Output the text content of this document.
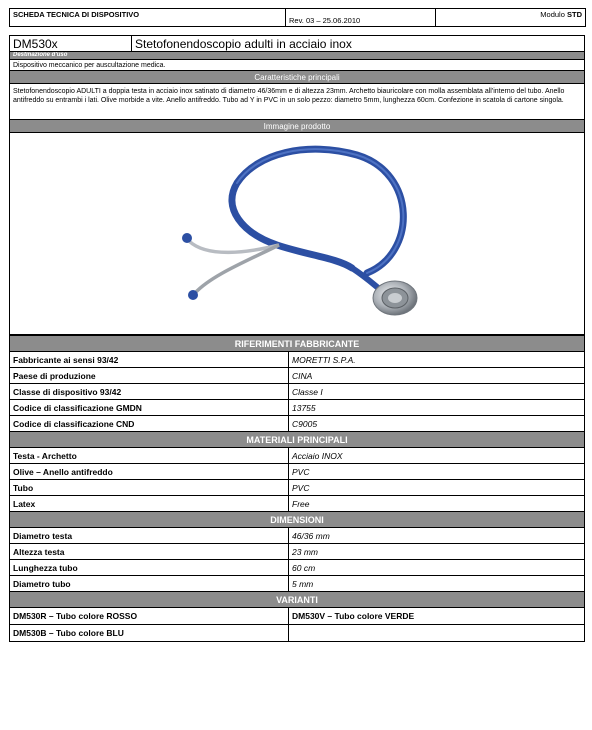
SCHEDA TECNICA DI DISPOSITIVO	Rev. 03 – 25.06.2010	Modulo STD

DM530x	Stetofonendoscopio adulti in acciaio inox
Destinazione d'uso
Dispositivo meccanico per auscultazione medica.
Caratteristiche principali
Stetofonendoscopio ADULTI a doppia testa in acciaio inox satinato di diametro 46/36mm e di altezza 23mm. Archetto biauricolare con molla assemblata all'interno del tubo. Anello antifreddo su entrambi i lati. Olive morbide a vite. Anello antifreddo. Tubo ad Y in PVC in un solo pezzo: diametro 5mm, lunghezza 60cm. Confezione in scatola di cartone singola.
Immagine prodotto

RIFERIMENTI FABBRICANTE	
Fabbricante ai sensi 93/42	MORETTI S.P.A.
Paese di produzione	CINA
Classe di dispositivo 93/42	Classe I
Codice di classificazione GMDN	13755
Codice di classificazione CND	C9005
MATERIALI PRINCIPALI	
Testa - Archetto	Acciaio INOX
Olive – Anello antifreddo	PVC
Tubo	PVC
Latex	Free
DIMENSIONI	
Diametro testa	46/36 mm
Altezza testa	23 mm
Lunghezza tubo	60 cm
Diametro tubo	5 mm
VARIANTI	
DM530R – Tubo colore ROSSO	DM530V – Tubo colore VERDE
DM530B – Tubo colore BLU	
